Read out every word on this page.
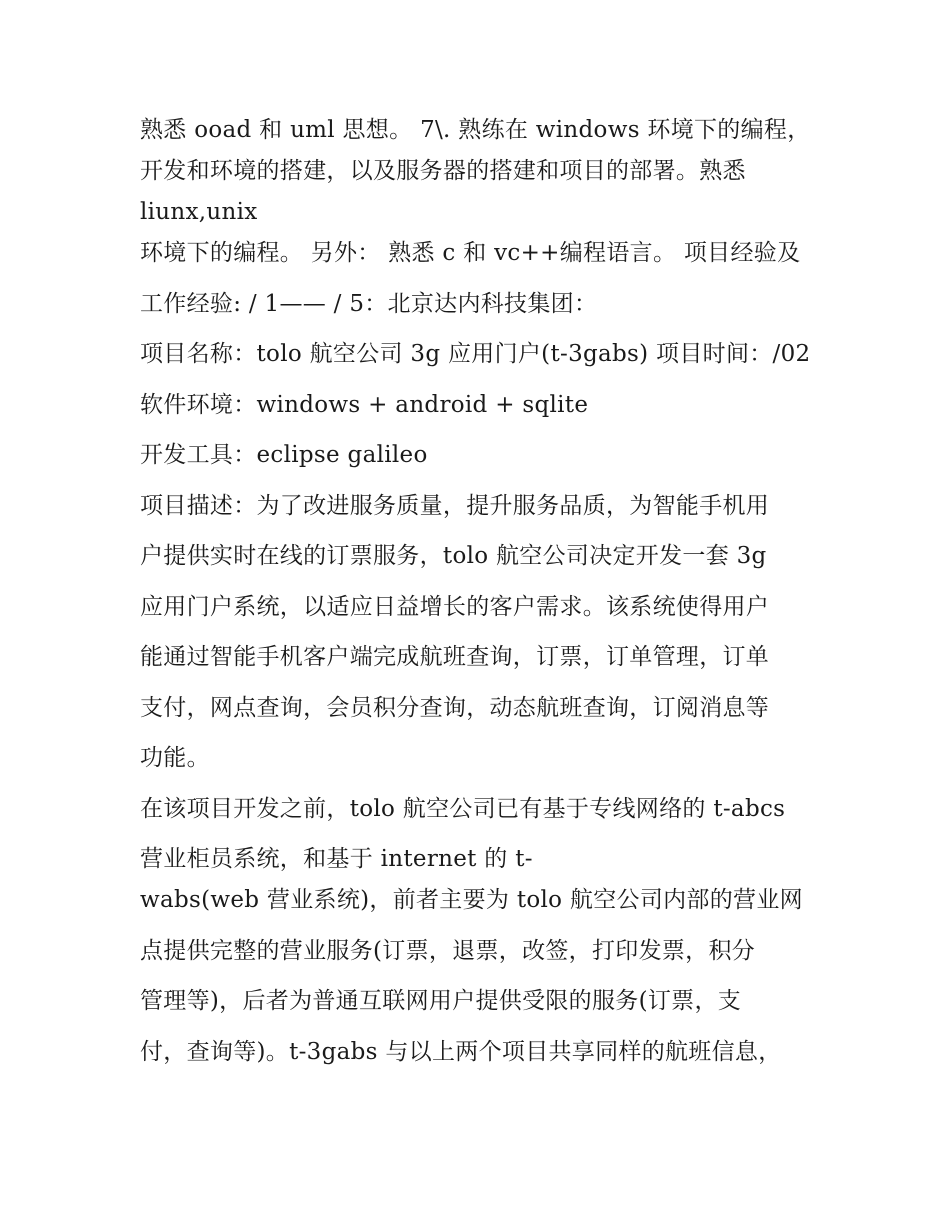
熟悉 ooad 和 uml 思想。 7\. 熟练在 windows 环境下的编程，
开发和环境的搭建，以及服务器的搭建和项目的部署。熟悉
liunx,unix
环境下的编程。 另外： 熟悉 c 和 vc++编程语言。 项目经验及
工作经验: / 1—— / 5：北京达内科技集团：
项目名称：tolo 航空公司 3g 应用门户(t-3gabs) 项目时间：/02
软件环境：windows + android + sqlite
开发工具：eclipse galileo
项目描述：为了改进服务质量，提升服务品质，为智能手机用
户提供实时在线的订票服务，tolo 航空公司决定开发一套 3g
应用门户系统，以适应日益增长的客户需求。该系统使得用户
能通过智能手机客户端完成航班查询，订票，订单管理，订单
支付，网点查询，会员积分查询，动态航班查询，订阅消息等
功能。
在该项目开发之前，tolo 航空公司已有基于专线网络的 t-abcs
营业柜员系统，和基于 internet 的 t-
wabs(web 营业系统)，前者主要为 tolo 航空公司内部的营业网
点提供完整的营业服务(订票，退票，改签，打印发票，积分
管理等)，后者为普通互联网用户提供受限的服务(订票，支
付，查询等)。t-3gabs 与以上两个项目共享同样的航班信息，
